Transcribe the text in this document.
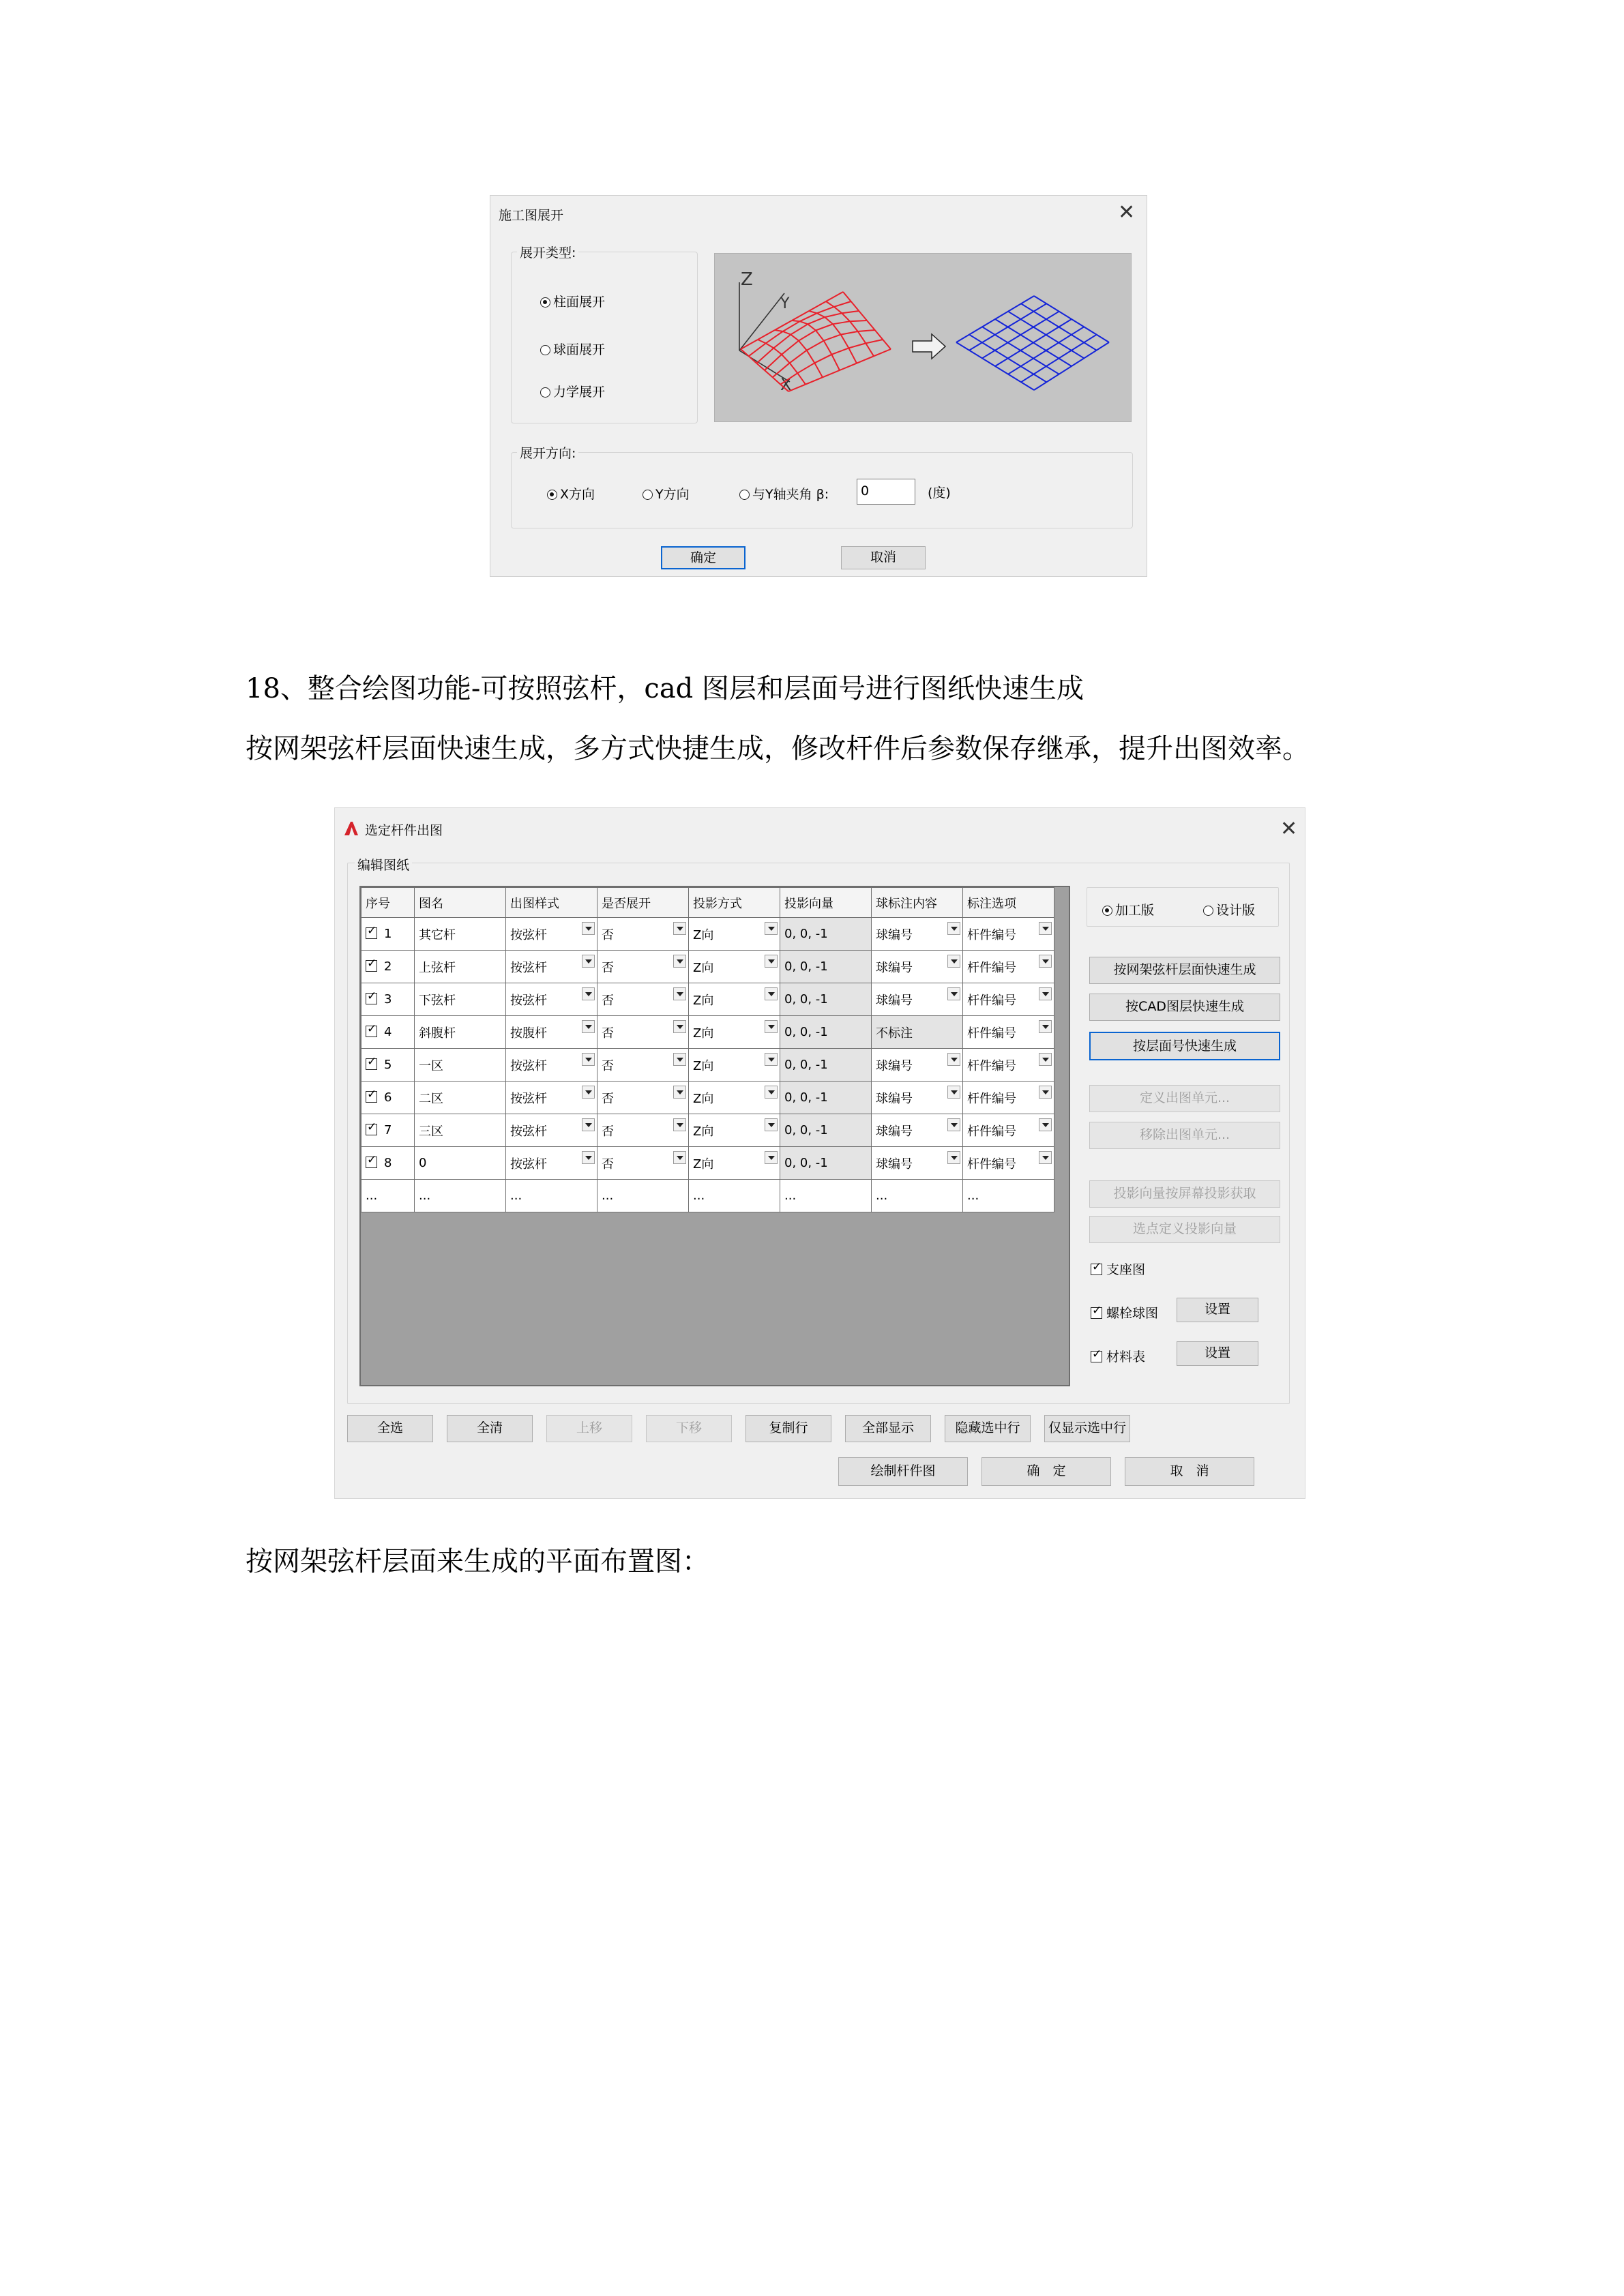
施工图展开	✕
展开类型:
柱面展开
球面展开
力学展开
Z
Y
X
展开方向:
X方向	Y方向	与Y轴夹角 β:	0	(度)
确定	取消
18、整合绘图功能-可按照弦杆，cad 图层和层面号进行图纸快速生成
按网架弦杆层面快速生成，多方式快捷生成，修改杆件后参数保存继承，提升出图效率。
选定杆件出图	✕
编辑图纸
序号	图名	出图样式	是否展开	投影方式	投影向量	球标注内容	标注选项
✓1	其它杆	按弦杆	否	Z向	0, 0, -1	球编号	杆件编号

✓2	上弦杆	按弦杆	否	Z向	0, 0, -1	球编号	杆件编号

✓3	下弦杆	按弦杆	否	Z向	0, 0, -1	球编号	杆件编号

✓4	斜腹杆	按腹杆	否	Z向	0, 0, -1	不标注	杆件编号

✓5	一区	按弦杆	否	Z向	0, 0, -1	球编号	杆件编号

✓6	二区	按弦杆	否	Z向	0, 0, -1	球编号	杆件编号

✓7	三区	按弦杆	否	Z向	0, 0, -1	球编号	杆件编号

✓8	0	按弦杆	否	Z向	0, 0, -1	球编号	杆件编号

...	...	...	...	...	...	...	...
加工版	设计版
按网架弦杆层面快速生成
按CAD图层快速生成
按层面号快速生成
定义出图单元...
移除出图单元...
投影向量按屏幕投影获取
选点定义投影向量
✓ 支座图
✓ 螺栓球图	设置
✓ 材料表	设置
全选	全清	上移	下移	复制行	全部显示	隐藏选中行	仅显示选中行
绘制杆件图	确　定	取　消
按网架弦杆层面来生成的平面布置图：
